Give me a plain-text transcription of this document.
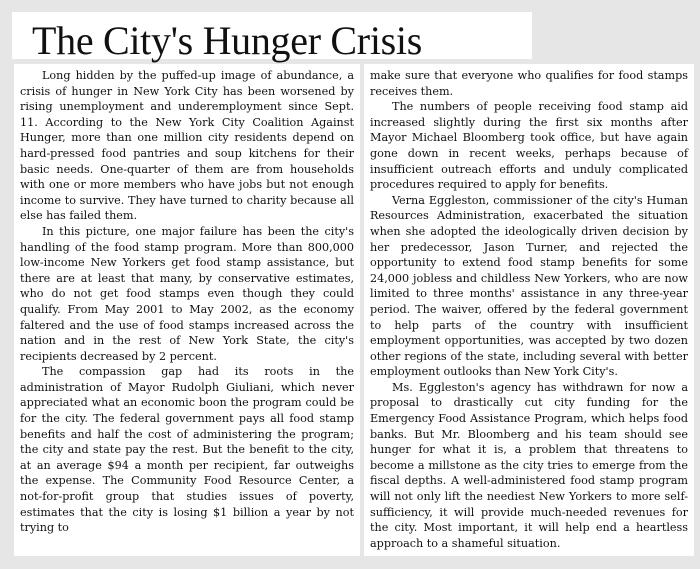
The City's Hunger Crisis

Long hidden by the puffed-up image of abundance, a crisis of hunger in New York City has been worsened by rising unemployment and underemployment since Sept. 11. According to the New York City Coalition Against Hunger, more than one million city residents depend on hard-pressed food pantries and soup kitchens for their basic needs. One-quarter of them are from households with one or more members who have jobs but not enough income to survive. They have turned to charity because all else has failed them.

In this picture, one major failure has been the city's handling of the food stamp program. More than 800,000 low-income New Yorkers get food stamp assistance, but there are at least that many, by conservative estimates, who do not get food stamps even though they could qualify. From May 2001 to May 2002, as the economy faltered and the use of food stamps increased across the nation and in the rest of New York State, the city's recipients decreased by 2 percent.

The compassion gap had its roots in the administration of Mayor Rudolph Giuliani, which never appreciated what an economic boon the program could be for the city. The federal government pays all food stamp benefits and half the cost of administering the program; the city and state pay the rest. But the benefit to the city, at an average $94 a month per recipient, far outweighs the expense. The Community Food Resource Center, a not-for-profit group that studies issues of poverty, estimates that the city is losing $1 billion a year by not trying to

make sure that everyone who qualifies for food stamps receives them.

The numbers of people receiving food stamp aid increased slightly during the first six months after Mayor Michael Bloomberg took office, but have again gone down in recent weeks, perhaps because of insufficient outreach efforts and unduly complicated procedures required to apply for benefits.

Verna Eggleston, commissioner of the city's Human Resources Administration, exacerbated the situation when she adopted the ideologically driven decision by her predecessor, Jason Turner, and rejected the opportunity to extend food stamp benefits for some 24,000 jobless and childless New Yorkers, who are now limited to three months' assistance in any three-year period. The waiver, offered by the federal government to help parts of the country with insufficient employment opportunities, was accepted by two dozen other regions of the state, including several with better employment outlooks than New York City's.

Ms. Eggleston's agency has withdrawn for now a proposal to drastically cut city funding for the Emergency Food Assistance Program, which helps food banks. But Mr. Bloomberg and his team should see hunger for what it is, a problem that threatens to become a millstone as the city tries to emerge from the fiscal depths. A well-administered food stamp program will not only lift the neediest New Yorkers to more self-sufficiency, it will provide much-needed revenues for the city. Most important, it will help end a heartless approach to a shameful situation.
